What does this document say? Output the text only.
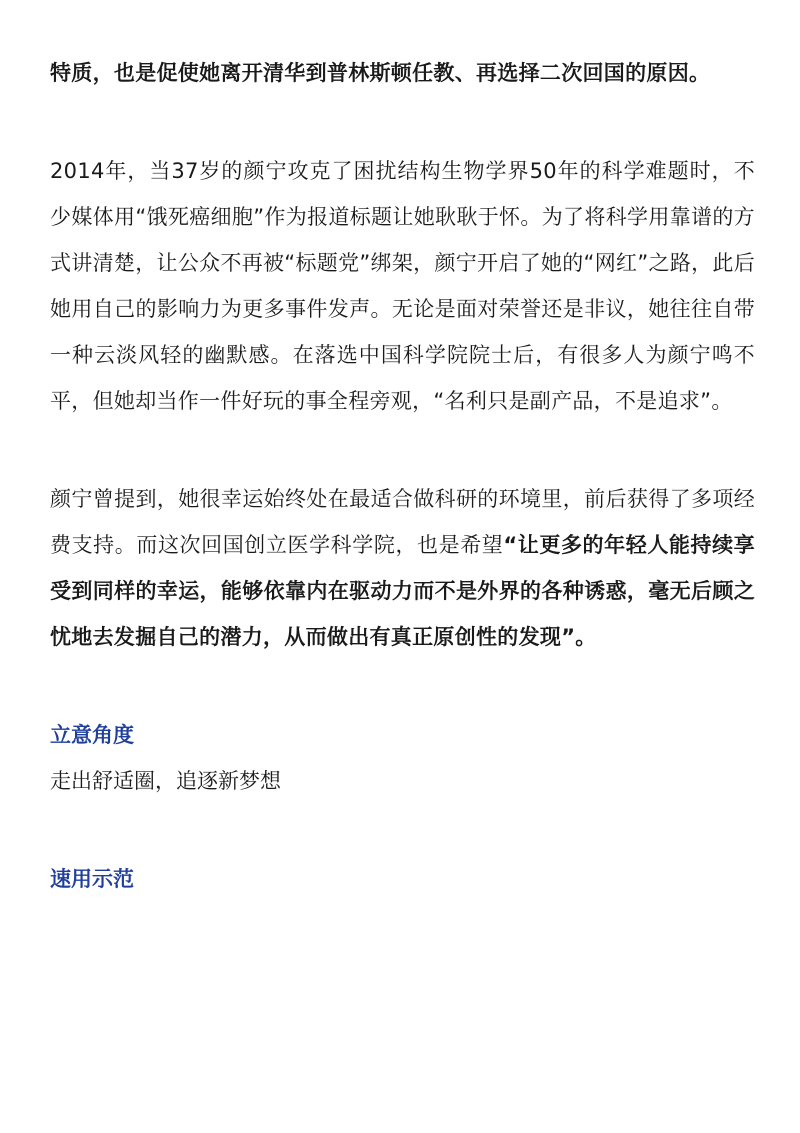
特质，也是促使她离开清华到普林斯顿任教、再选择二次回国的原因。

2014年，当37岁的颜宁攻克了困扰结构生物学界50年的科学难题时，不少媒体用“饿死癌细胞”作为报道标题让她耿耿于怀。为了将科学用靠谱的方式讲清楚，让公众不再被“标题党”绑架，颜宁开启了她的“网红”之路，此后她用自己的影响力为更多事件发声。无论是面对荣誉还是非议，她往往自带一种云淡风轻的幽默感。在落选中国科学院院士后，有很多人为颜宁鸣不平，但她却当作一件好玩的事全程旁观，“名利只是副产品，不是追求”。

颜宁曾提到，她很幸运始终处在最适合做科研的环境里，前后获得了多项经费支持。而这次回国创立医学科学院，也是希望“让更多的年轻人能持续享受到同样的幸运，能够依靠内在驱动力而不是外界的各种诱惑，毫无后顾之忧地去发掘自己的潜力，从而做出有真正原创性的发现”。

立意角度

走出舒适圈，追逐新梦想

速用示范
